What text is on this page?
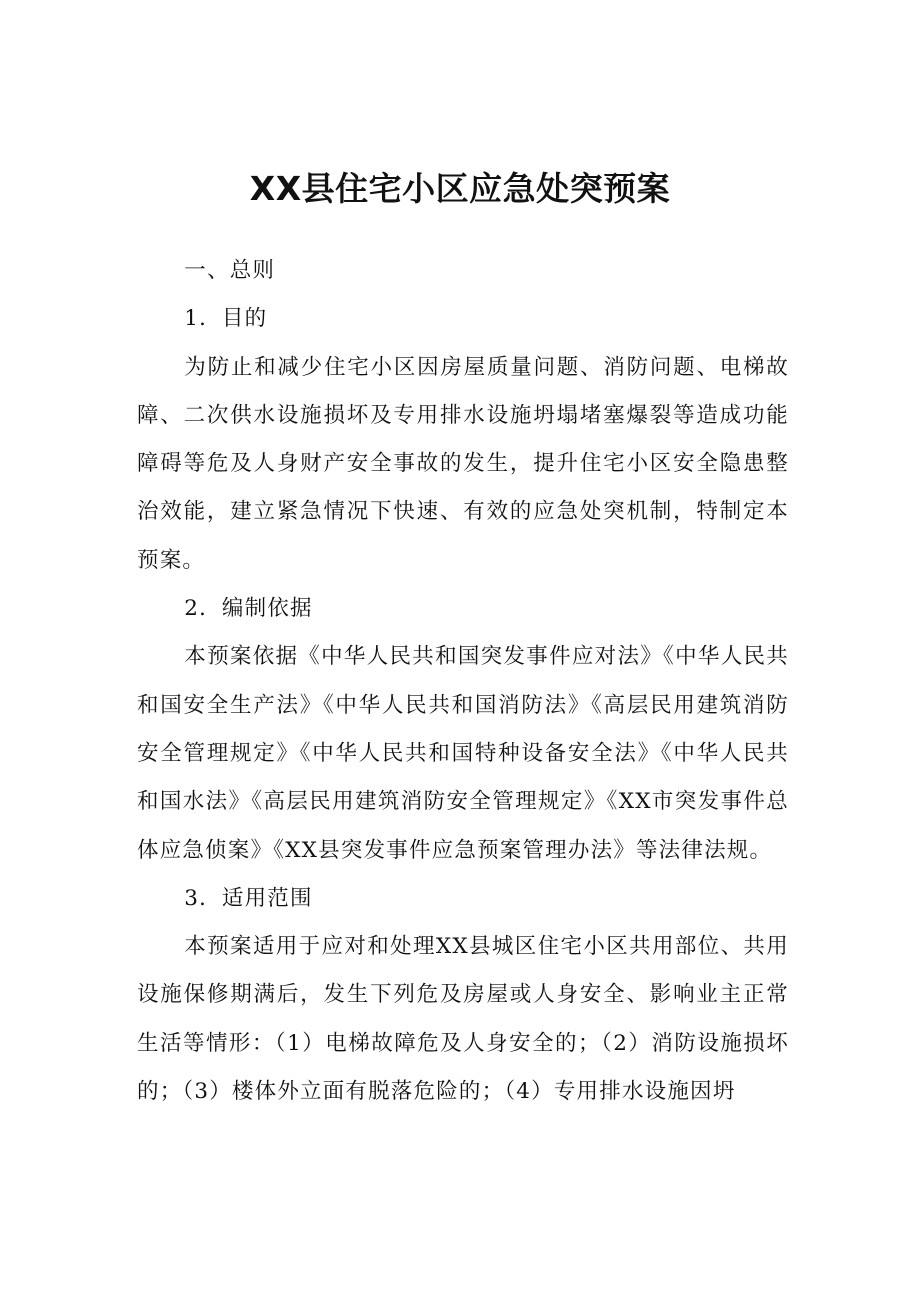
XX县住宅小区应急处突预案

一、总则

1．目的

为防止和减少住宅小区因房屋质量问题、消防问题、电梯故障、二次供水设施损坏及专用排水设施坍塌堵塞爆裂等造成功能障碍等危及人身财产安全事故的发生，提升住宅小区安全隐患整治效能，建立紧急情况下快速、有效的应急处突机制，特制定本预案。

2．编制依据

本预案依据《中华人民共和国突发事件应对法》《中华人民共和国安全生产法》《中华人民共和国消防法》《高层民用建筑消防安全管理规定》《中华人民共和国特种设备安全法》《中华人民共和国水法》《高层民用建筑消防安全管理规定》《XX市突发事件总体应急侦案》《XX县突发事件应急预案管理办法》等法律法规。

3．适用范围

本预案适用于应对和处理XX县城区住宅小区共用部位、共用设施保修期满后，发生下列危及房屋或人身安全、影响业主正常生活等情形：（1）电梯故障危及人身安全的；（2）消防设施损坏的；（3）楼体外立面有脱落危险的；（4）专用排水设施因坍
